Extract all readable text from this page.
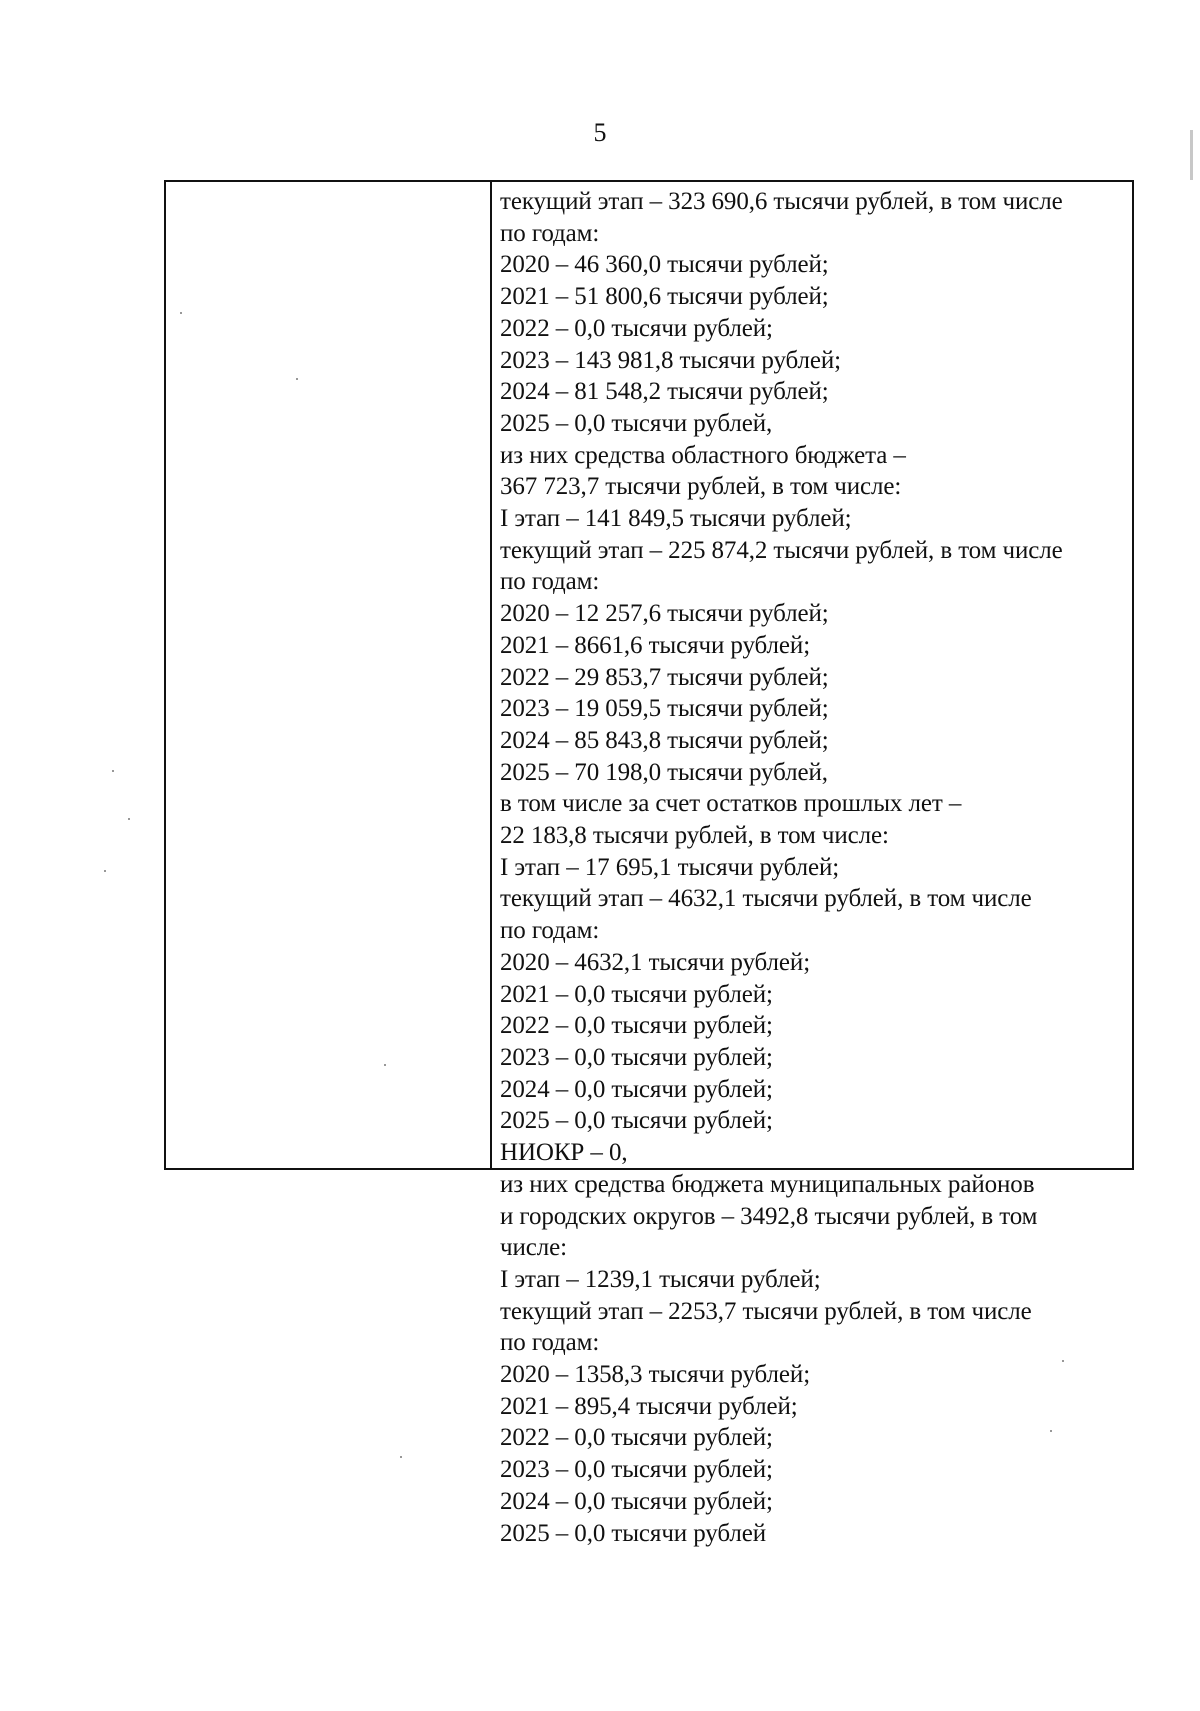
5
текущий этап – 323 690,6 тысячи рублей, в том числе
по годам:
2020 – 46 360,0 тысячи рублей;
2021 – 51 800,6 тысячи рублей;
2022 – 0,0 тысячи рублей;
2023 – 143 981,8 тысячи рублей;
2024 – 81 548,2 тысячи рублей;
2025 – 0,0 тысячи рублей,
из них средства областного бюджета –
367 723,7 тысячи рублей, в том числе:
I этап – 141 849,5 тысячи рублей;
текущий этап – 225 874,2 тысячи рублей, в том числе
по годам:
2020 – 12 257,6 тысячи рублей;
2021 – 8661,6 тысячи рублей;
2022 – 29 853,7 тысячи рублей;
2023 – 19 059,5 тысячи рублей;
2024 – 85 843,8 тысячи рублей;
2025 – 70 198,0 тысячи рублей,
в том числе за счет остатков прошлых лет –
22 183,8 тысячи рублей, в том числе:
I этап – 17 695,1 тысячи рублей;
текущий этап – 4632,1 тысячи рублей, в том числе
по годам:
2020 – 4632,1 тысячи рублей;
2021 – 0,0 тысячи рублей;
2022 – 0,0 тысячи рублей;
2023 – 0,0 тысячи рублей;
2024 – 0,0 тысячи рублей;
2025 – 0,0 тысячи рублей;
НИОКР – 0,
из них средства бюджета муниципальных районов
и городских округов – 3492,8 тысячи рублей, в том
числе:
I этап – 1239,1 тысячи рублей;
текущий этап – 2253,7 тысячи рублей, в том числе
по годам:
2020 – 1358,3 тысячи рублей;
2021 – 895,4 тысячи рублей;
2022 – 0,0 тысячи рублей;
2023 – 0,0 тысячи рублей;
2024 – 0,0 тысячи рублей;
2025 – 0,0 тысячи рублей
